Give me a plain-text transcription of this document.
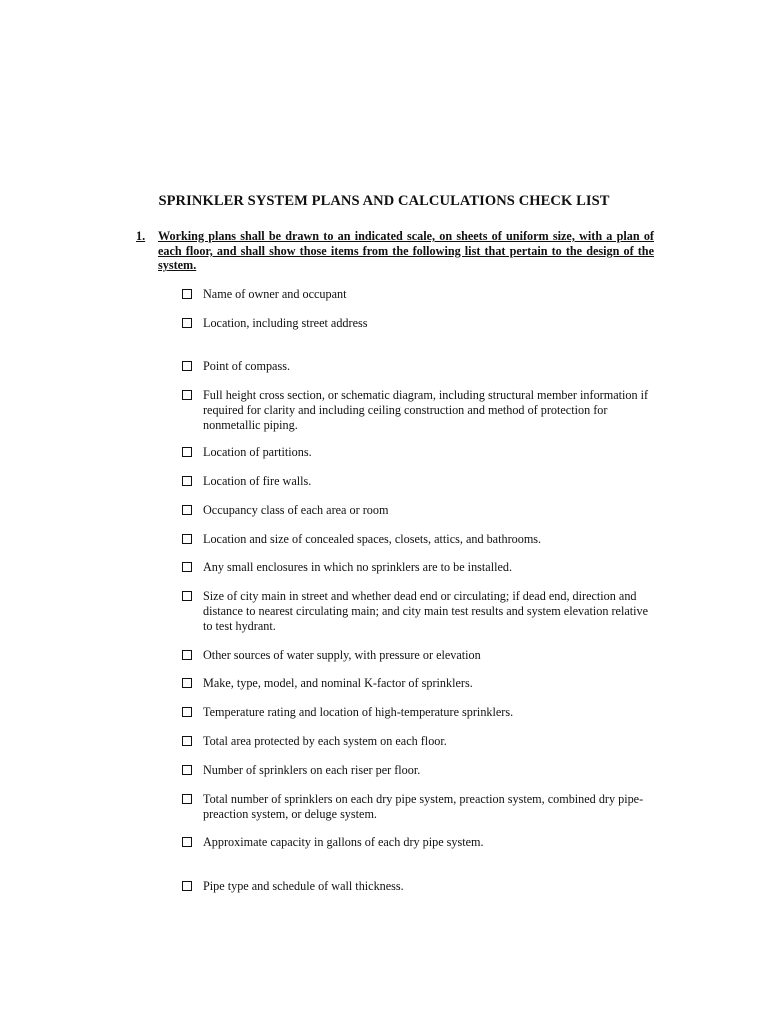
SPRINKLER SYSTEM PLANS AND CALCULATIONS CHECK LIST
1. Working plans shall be drawn to an indicated scale, on sheets of uniform size, with a plan of each floor, and shall show those items from the following list that pertain to the design of the system.
Name of owner and occupant
Location, including street address
Point of compass.
Full height cross section, or schematic diagram, including structural member information if required for clarity and including ceiling construction and method of protection for nonmetallic piping.
Location of partitions.
Location of fire walls.
Occupancy class of each area or room
Location and size of concealed spaces, closets, attics, and bathrooms.
Any small enclosures in which no sprinklers are to be installed.
Size of city main in street and whether dead end or circulating; if dead end, direction and distance to nearest circulating main; and city main test results and system elevation relative to test hydrant.
Other sources of water supply, with pressure or elevation
Make, type, model, and nominal K-factor of sprinklers.
Temperature rating and location of high-temperature sprinklers.
Total area protected by each system on each floor.
Number of sprinklers on each riser per floor.
Total number of sprinklers on each dry pipe system, preaction system, combined dry pipe-preaction system, or deluge system.
Approximate capacity in gallons of each dry pipe system.
Pipe type and schedule of wall thickness.
